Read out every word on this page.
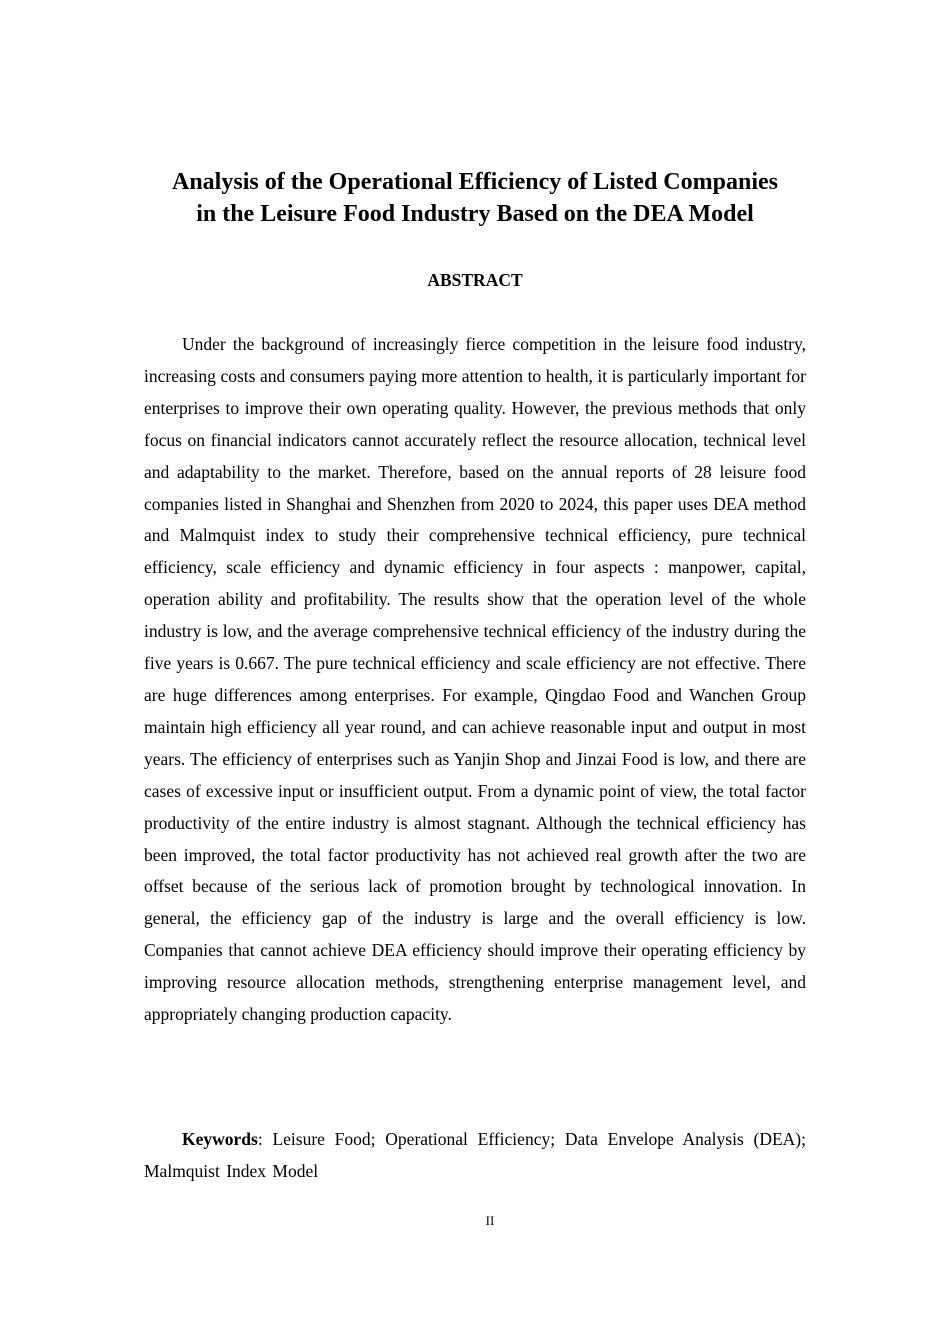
Analysis of the Operational Efficiency of Listed Companies
in the Leisure Food Industry Based on the DEA Model
ABSTRACT

Under the background of increasingly fierce competition in the leisure food industry, increasing costs and consumers paying more attention to health, it is particularly important for enterprises to improve their own operating quality. However, the previous methods that only focus on financial indicators cannot accurately reflect the resource allocation, technical level and adaptability to the market. Therefore, based on the annual reports of 28 leisure food companies listed in Shanghai and Shenzhen from 2020 to 2024, this paper uses DEA method and Malmquist index to study their comprehensive technical efficiency, pure technical efficiency, scale efficiency and dynamic efficiency in four aspects : manpower, capital, operation ability and profitability. The results show that the operation level of the whole industry is low, and the average comprehensive technical efficiency of the industry during the five years is 0.667. The pure technical efficiency and scale efficiency are not effective. There are huge differences among enterprises. For example, Qingdao Food and Wanchen Group maintain high efficiency all year round, and can achieve reasonable input and output in most years. The efficiency of enterprises such as Yanjin Shop and Jinzai Food is low, and there are cases of excessive input or insufficient output. From a dynamic point of view, the total factor productivity of the entire industry is almost stagnant. Although the technical efficiency has been improved, the total factor productivity has not achieved real growth after the two are offset because of the serious lack of promotion brought by technological innovation. In general, the efficiency gap of the industry is large and the overall efficiency is low. Companies that cannot achieve DEA efficiency should improve their operating efficiency by improving resource allocation methods, strengthening enterprise management level, and appropriately changing production capacity.

Keywords: Leisure Food; Operational Efficiency; Data Envelope Analysis (DEA); Malmquist Index Model

II
